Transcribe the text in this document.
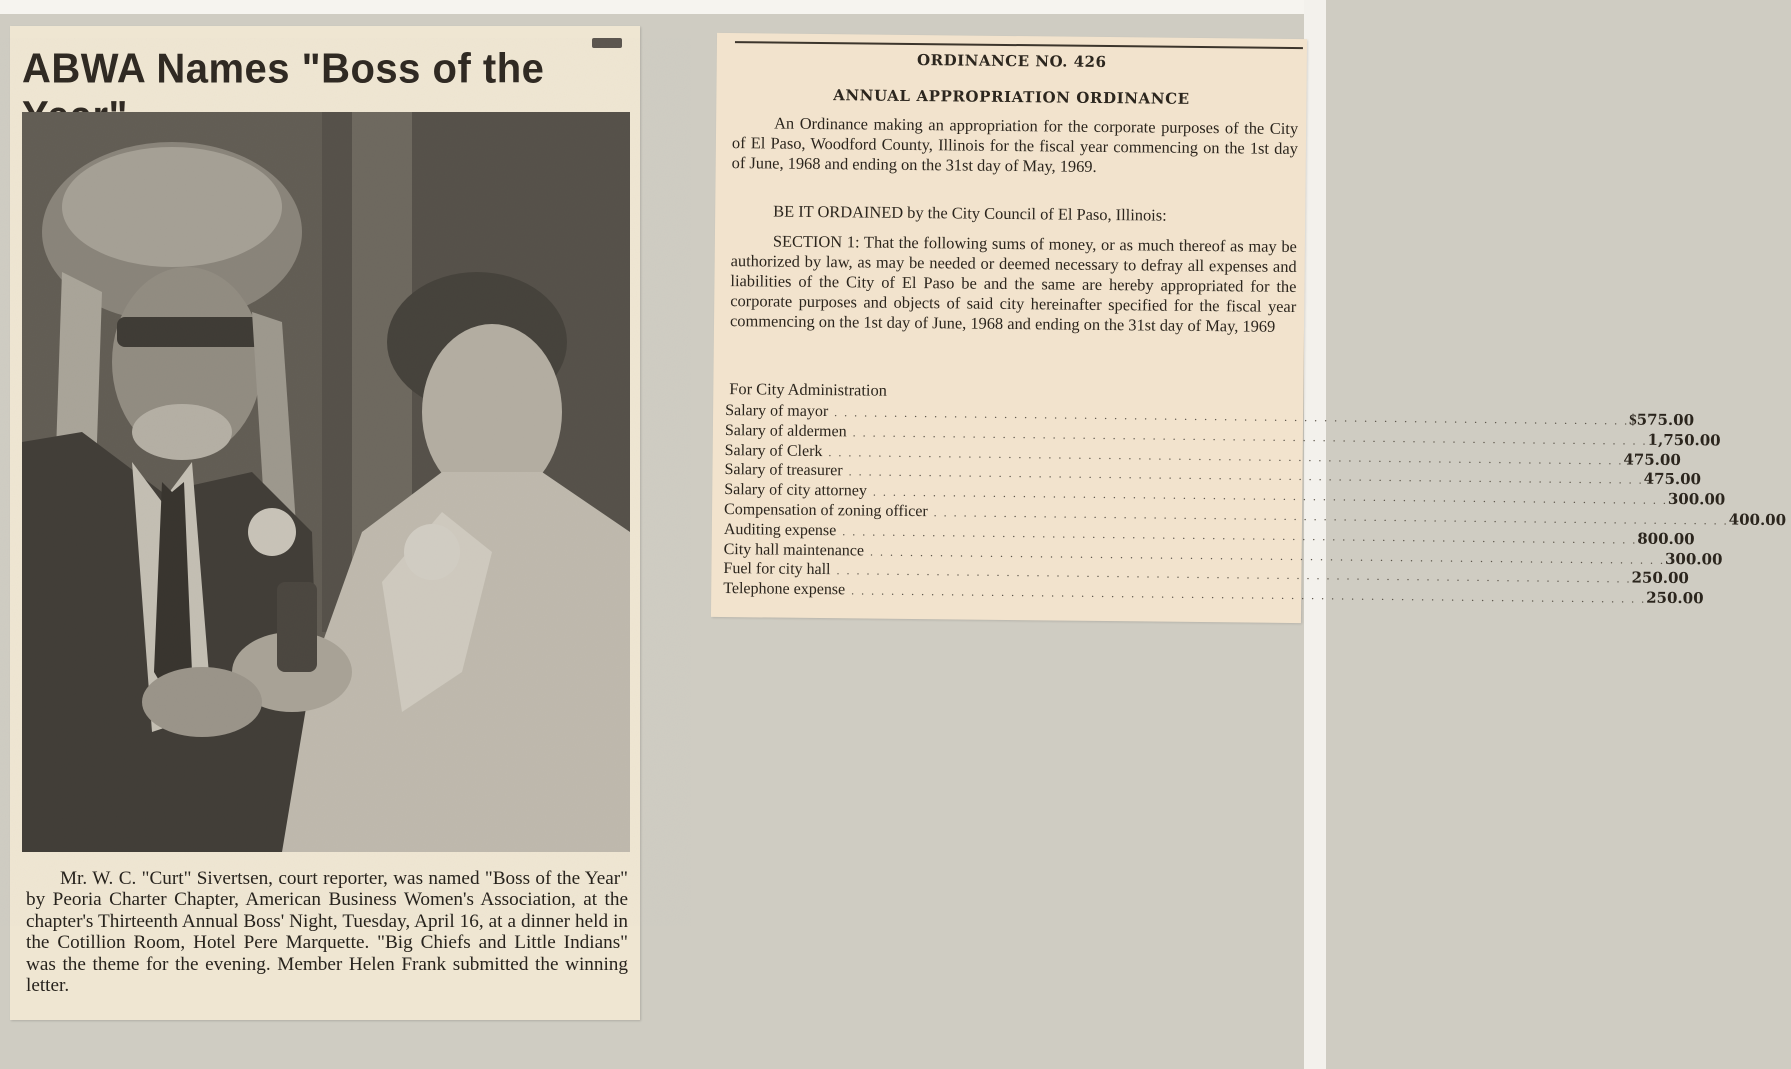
ABWA Names "Boss of the
Mr. W. C. "Curt" Sivertsen, court reporter, was named "Boss of the Year" by Peoria Charter Chapter, American Business Women's Association, at the chapter's Thirteenth Annual Boss' Night, Tuesday, April 16, at a dinner held in the Cotillion Room, Hotel Pere Marquette. "Big Chiefs and Little Indians" was the theme for the evening. Member Helen Frank submitted the winning letter.
ORDINANCE NO. 426
ANNUAL APPROPRIATION ORDINANCE
An Ordinance making an appropriation for the corporate purposes of the City of El Paso, Woodford County, Illinois for the fiscal year commencing on the 1st day of June, 1968 and ending on the 31st day of May, 1969.
BE IT ORDAINED by the City Council of El Paso, Illinois:
SECTION 1: That the following sums of money, or as much thereof as may be authorized by law, as may be needed or deemed necessary to defray all expenses and liabilities of the City of El Paso be and the same are hereby appropriated for the corporate purposes and objects of said city hereinafter specified for the fiscal year commencing on the 1st day of June, 1968 and ending on the 31st day of May, 1969
For City Administration
Salary of mayor . . . . . . . . . . . . . . . . . . . . . . . . . . . . . . . . . . . . . . . . . . . . . . . . . . . . . . . . . . . . . . . . . . . . . . . . . . . . . . . . $ 575.00
Salary of aldermen . . . . . . . . . . . . . . . . . . . . . . . . . . . . . . . . . . . . . . . . . . . . . . . . . . . . . . . . . . . . . . . . . . . . . . . . . . . . . . . . 1,750.00
Salary of Clerk . . . . . . . . . . . . . . . . . . . . . . . . . . . . . . . . . . . . . . . . . . . . . . . . . . . . . . . . . . . . . . . . . . . . . . . . . . . . . . . . 475.00
Salary of treasurer . . . . . . . . . . . . . . . . . . . . . . . . . . . . . . . . . . . . . . . . . . . . . . . . . . . . . . . . . . . . . . . . . . . . . . . . . . . . . . . . 475.00
Salary of city attorney . . . . . . . . . . . . . . . . . . . . . . . . . . . . . . . . . . . . . . . . . . . . . . . . . . . . . . . . . . . . . . . . . . . . . . . . . . . . . . . . 300.00
Compensation of zoning officer . . . . . . . . . . . . . . . . . . . . . . . . . . . . . . . . . . . . . . . . . . . . . . . . . . . . . . . . . . . . . . . . . . . . . . . . . . . . . . . . 400.00
Auditing expense . . . . . . . . . . . . . . . . . . . . . . . . . . . . . . . . . . . . . . . . . . . . . . . . . . . . . . . . . . . . . . . . . . . . . . . . . . . . . . . . 800.00
City hall maintenance . . . . . . . . . . . . . . . . . . . . . . . . . . . . . . . . . . . . . . . . . . . . . . . . . . . . . . . . . . . . . . . . . . . . . . . . . . . . . . . . 300.00
Fuel for city hall . . . . . . . . . . . . . . . . . . . . . . . . . . . . . . . . . . . . . . . . . . . . . . . . . . . . . . . . . . . . . . . . . . . . . . . . . . . . . . . . 250.00
Telephone expense . . . . . . . . . . . . . . . . . . . . . . . . . . . . . . . . . . . . . . . . . . . . . . . . . . . . . . . . . . . . . . . . . . . . . . . . . . . . . . . . 250.00
